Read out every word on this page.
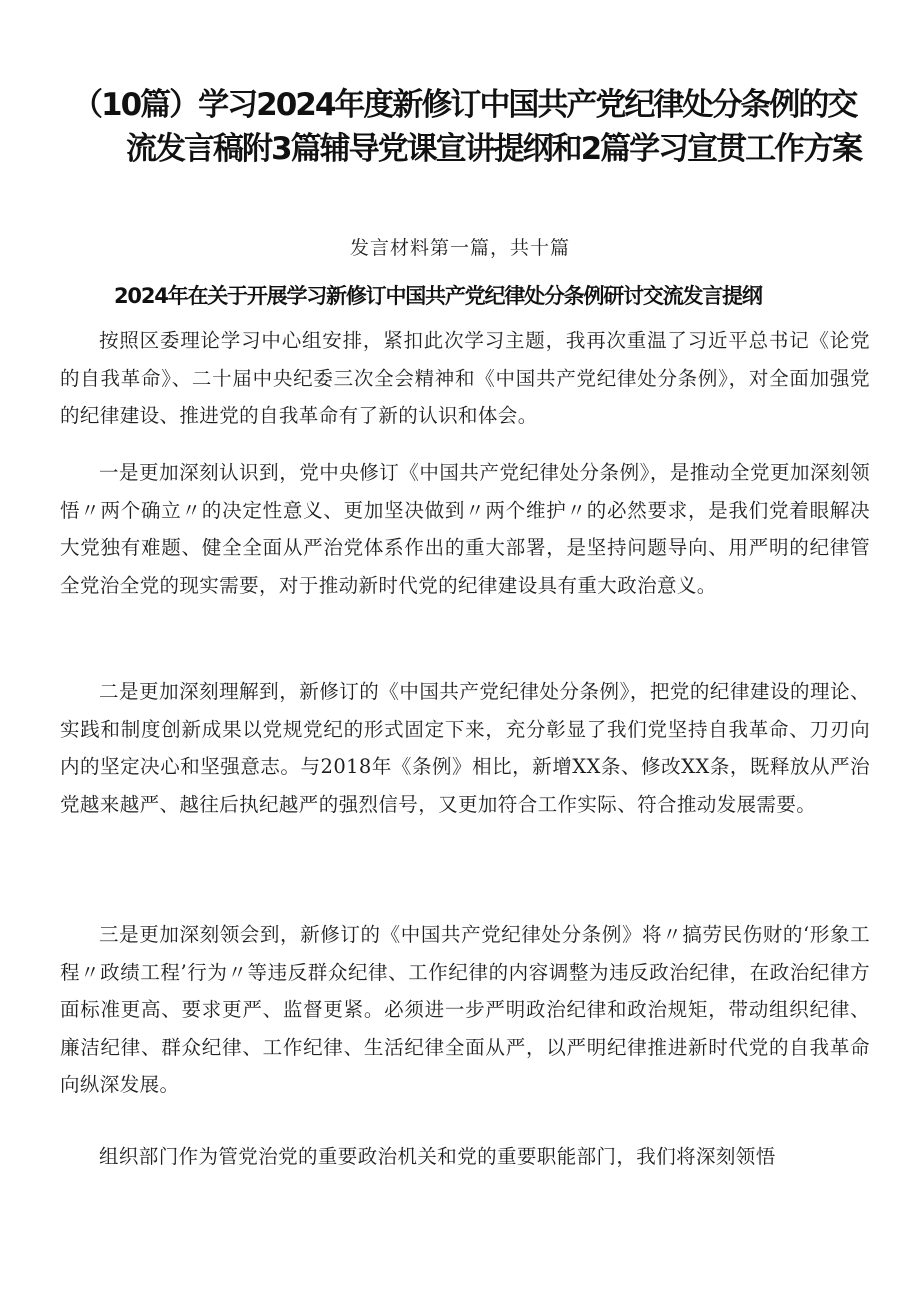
（10篇）学习2024年度新修订中国共产党纪律处分条例的交
流发言稿附3篇辅导党课宣讲提纲和2篇学习宣贯工作方案
发言材料第一篇，共十篇
2024年在关于开展学习新修订中国共产党纪律处分条例研讨交流发言提纲

按照区委理论学习中心组安排，紧扣此次学习主题，我再次重温了习近平总书记《论党的自我革命》、二十届中央纪委三次全会精神和《中国共产党纪律处分条例》，对全面加强党的纪律建设、推进党的自我革命有了新的认识和体会。

一是更加深刻认识到，党中央修订《中国共产党纪律处分条例》，是推动全党更加深刻领悟〃两个确立〃的决定性意义、更加坚决做到〃两个维护〃的必然要求，是我们党着眼解决大党独有难题、健全全面从严治党体系作出的重大部署，是坚持问题导向、用严明的纪律管全党治全党的现实需要，对于推动新时代党的纪律建设具有重大政治意义。

二是更加深刻理解到，新修订的《中国共产党纪律处分条例》，把党的纪律建设的理论、实践和制度创新成果以党规党纪的形式固定下来，充分彰显了我们党坚持自我革命、刀刃向内的坚定决心和坚强意志。与2018年《条例》相比，新增XX条、修改XX条，既释放从严治党越来越严、越往后执纪越严的强烈信号，又更加符合工作实际、符合推动发展需要。

三是更加深刻领会到，新修订的《中国共产党纪律处分条例》将〃搞劳民伤财的‘形象工程〃政绩工程’行为〃等违反群众纪律、工作纪律的内容调整为违反政治纪律，在政治纪律方面标准更高、要求更严、监督更紧。必须进一步严明政治纪律和政治规矩，带动组织纪律、廉洁纪律、群众纪律、工作纪律、生活纪律全面从严，以严明纪律推进新时代党的自我革命向纵深发展。

组织部门作为管党治党的重要政治机关和党的重要职能部门，我们将深刻领悟
